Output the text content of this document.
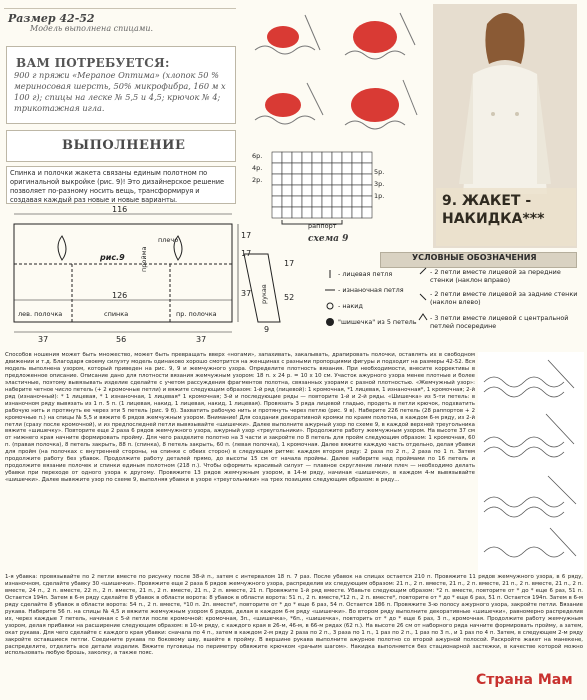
Размер 42-52
Модель выполнена спицами.
ВАМ ПОТРЕБУЕТСЯ:
900 г пряжи «Мерапое Оптима» (хлопок 50 % мериносовая шерсть, 50% микрофибра, 160 м х 100 г); спицы на леске № 5,5 и 4,5; крючок № 4; трикотажная игла.
ВЫПОЛНЕНИЕ
Спинка и полочки жакета связаны единым полотном по оригинальной выкройке (рис. 9)! Это дизайнерское решение позволяет по-разному носить вещь, трансформируя и создавая каждый раз новые и новые варианты.	9. ЖАКЕТ - НАКИДКА***
6р.
4р.
2р.
5р.
3р.
1р.
раппорт
схема 9
116
17
17
126
37	56	37
17
52
9
37
рис.9
плечо
пройма
лев. полочка	спинка	пр. полочка
рукав
УСЛОВНЫЕ ОБОЗНАЧЕНИЯ
- лицевая петля
- изнаночная петля
- накид
"шишечка" из 5 петель
- 2 петли вместе лицевой за передние стенки (наклон вправо)
- 2 петли вместе лицевой за задние стенки (наклон влево)
- 3 петли вместе лицевой с центральной петлей посередине
Способов ношения может быть множество, может быть превращать вверх «ногами», запахивать, закалывать, драпировать полочки, оставлять их в свободном движении и т.д. Благодаря своему силуэту модель одинаково хорошо смотрится на женщинах с разными пропорциями фигуры и подходит на размеры 42-52. Вся модель выполнена узором, который приведен на рис. 9, 9 и жемчужного узора. Определите плотность вязания. При необходимости, внесите коррективы в предложенное описание. Описание дано для плотности вязания жемчужным узором: 18 п. х 24 р. = 10 х 10 см. Участок ажурного узора менее плотные и более эластичные, поэтому вывязывать изделие сделайте с учетом рассуждения фрагментов полотна, связанных узорами с разной плотностью. «Жемчужный узор»: наберите четное число петель (+ 2 кромочные петли) и вяжите следующим образом: 1-й ряд (лицевой): 1 кромочная, *1 лицевая, 1 изнаночная*, 1 кромочная; 2-й ряд (изнаночный): * 1 лицевая, * 1 изнаночная, 1 лицевая* 1 кромочная; 3-й и последующие ряды — повторите 1-й и 2-й ряды. «Шишечка» из 5-ти петель: в изнаночном ряду вывязать из 1 п. 5 п. (1 лицевая, накид, 1 лицевая, накид, 1 лицевая). Провязать 3 ряда лицевой гладью, продеть в петли крючок, подхватить рабочую нить и протянуть ее через эти 5 петель (рис. 9 б). Захватить рабочую нить и протянуть через петлю (рис. 9 в). Наберите 226 петель (28 раппортов + 2 кромочные п.) на спицы № 5,5 и вяжите 6 рядов жемчужным узором. Внимание! Для создания декоративной кромки по краям полотна, в каждом 6-м ряду, из 2-й петли (сразу после кромочной), и из предпоследней петли вывязывайте «шишечки». Далее выполните ажурный узор по схеме 9, в каждой верхней треугольника вяжите «шишечку». Повторите еще 2 раза 6 рядов жемчужного узора, ажурный узор «треугольники». Продолжите работу жемчужным узором. На высоте 37 см от нижнего края начните формировать пройму. Для чего разделите полотно на 3 части и закройте по 8 петель для пройм следующим образом: 1 кромочная, 60 п. (правая полочка), 8 петель закрыть, 88 п. (спинка), 8 петель закрыть, 60 п. (левая полочка), 1 кромочная. Далее вяжите каждую часть отдельно, делая убавки для пройм (на полочках с внутренней стороны, на спинке с обеих сторон) в следующем ритме: каждом втором ряду: 2 раза по 2 п., 2 раза по 1 п. Затем продолжите работу без убавок. Продолжите работу деталей прямо, до высоты 15 см от начала проймы. Далее наберите над проймами по 16 петель и продолжите вязание полочек и спинки единым полотном (218 п.). Чтобы оформить красивый силуэт — плавное скругление линии плеч — необходимо делать убавки при переходе от одного узора к другому. Провяжите 13 рядов жемчужным узором, в 14-м ряду, начиная «шишечки», в каждом 4-м вывязывайте «шишечки». Далее вывяжите узор по схеме 9, выполняя убавки в узоре «треугольники» на трех позициях следующим образом: в ряду...
1-я убавка: провязывайте по 2 петли вместе по рисунку после 38-й п., затем с интервалом 18 п. 7 раз. После убавок на спицах остается 210 п. Провяжите 11 рядов жемчужного узора, в 6 ряду, изнаночном, сделайте убавку 30 «шишечки». Провяжите еще 2 раза 6 рядов жемчужного узора, распределив их следующим образом: 21 п., 2 п. вместе, 21 п., 2 п. вместе, 21 п., 2 п. вместе, 21 п., 2 п. вместе, 24 п., 2 п. вместе, 22 п., 2 п. вместе, 21 п., 2 п. вместе, 21 п., 2 п. вместе, 21 п. Провяжите 1-й ряд вместе. Убавьте следующим образом: *2 п. вместе, повторите от * до * еще 6 раз, 51 п. Остается 194п. Затем в 6-м ряду сделайте 8 убавок в области ворота: 8 убавок в области ворота: 51 п., 2 п. вместе,*12 п., 2 п. вместе*, повторите от * до * еще 6 раз, 51 п. Остается 194п. Затем в 6-м ряду сделайте 8 убавок в области ворота: 54 п., 2 п. вместе, *10 п. 2п. вместе*, повторите от * до * еще 6 раз, 54 п. Остается 186 п. Провяжите 3-ю полосу ажурного узора, закройте петли. Вязание рукава. Наберите 56 п. на спицы № 4,5 и вяжите жемчужным узором 6 рядов, делая в каждом 6-м ряду «шишечки». Во втором ряду выполните декоративные «шишечки», равномерно распределив их, через каждые 7 петель, начиная с 5-й петли после кромочной: кромочная, 3п., «шишечка», *6п., «шишечка», повторить от * до * еще 6 раз, 3 п., кромочная. Продолжите работу жемчужным узором, делая прибавки на расширение следующим образом: в 10-м ряду, с каждого края в 26-м, 46-м, в 66-м рядах (62 п.). На высоте 26 см от наборного ряда начните формировать пройму, а затем, окат рукава. Для чего сделайте с каждого края убавки: сначала по 4 п., затем в каждом 2-м ряду 2 раза по 2 п., 3 раза по 1 п., 1 раз по 2 п., 1 раз по 3 п., и 1 раз по 4 п. Затем, в следующем 2-м ряду закройте оставшиеся петли. Соедините рукава по боковому шву, вшейте в пройму. В вершине рукава выполните ажурное полотно со второй ажурной полосой. Раскройте жакет на манекене, распределите, отделить все детали изделия. Вяжите пуговицы по периметру обвяжите крючком «рачьим шагом». Накидка выполняется без стационарной застежки, в качестве которой можно использовать любую брошь, заколку, а также пояс.
Страна Мам
